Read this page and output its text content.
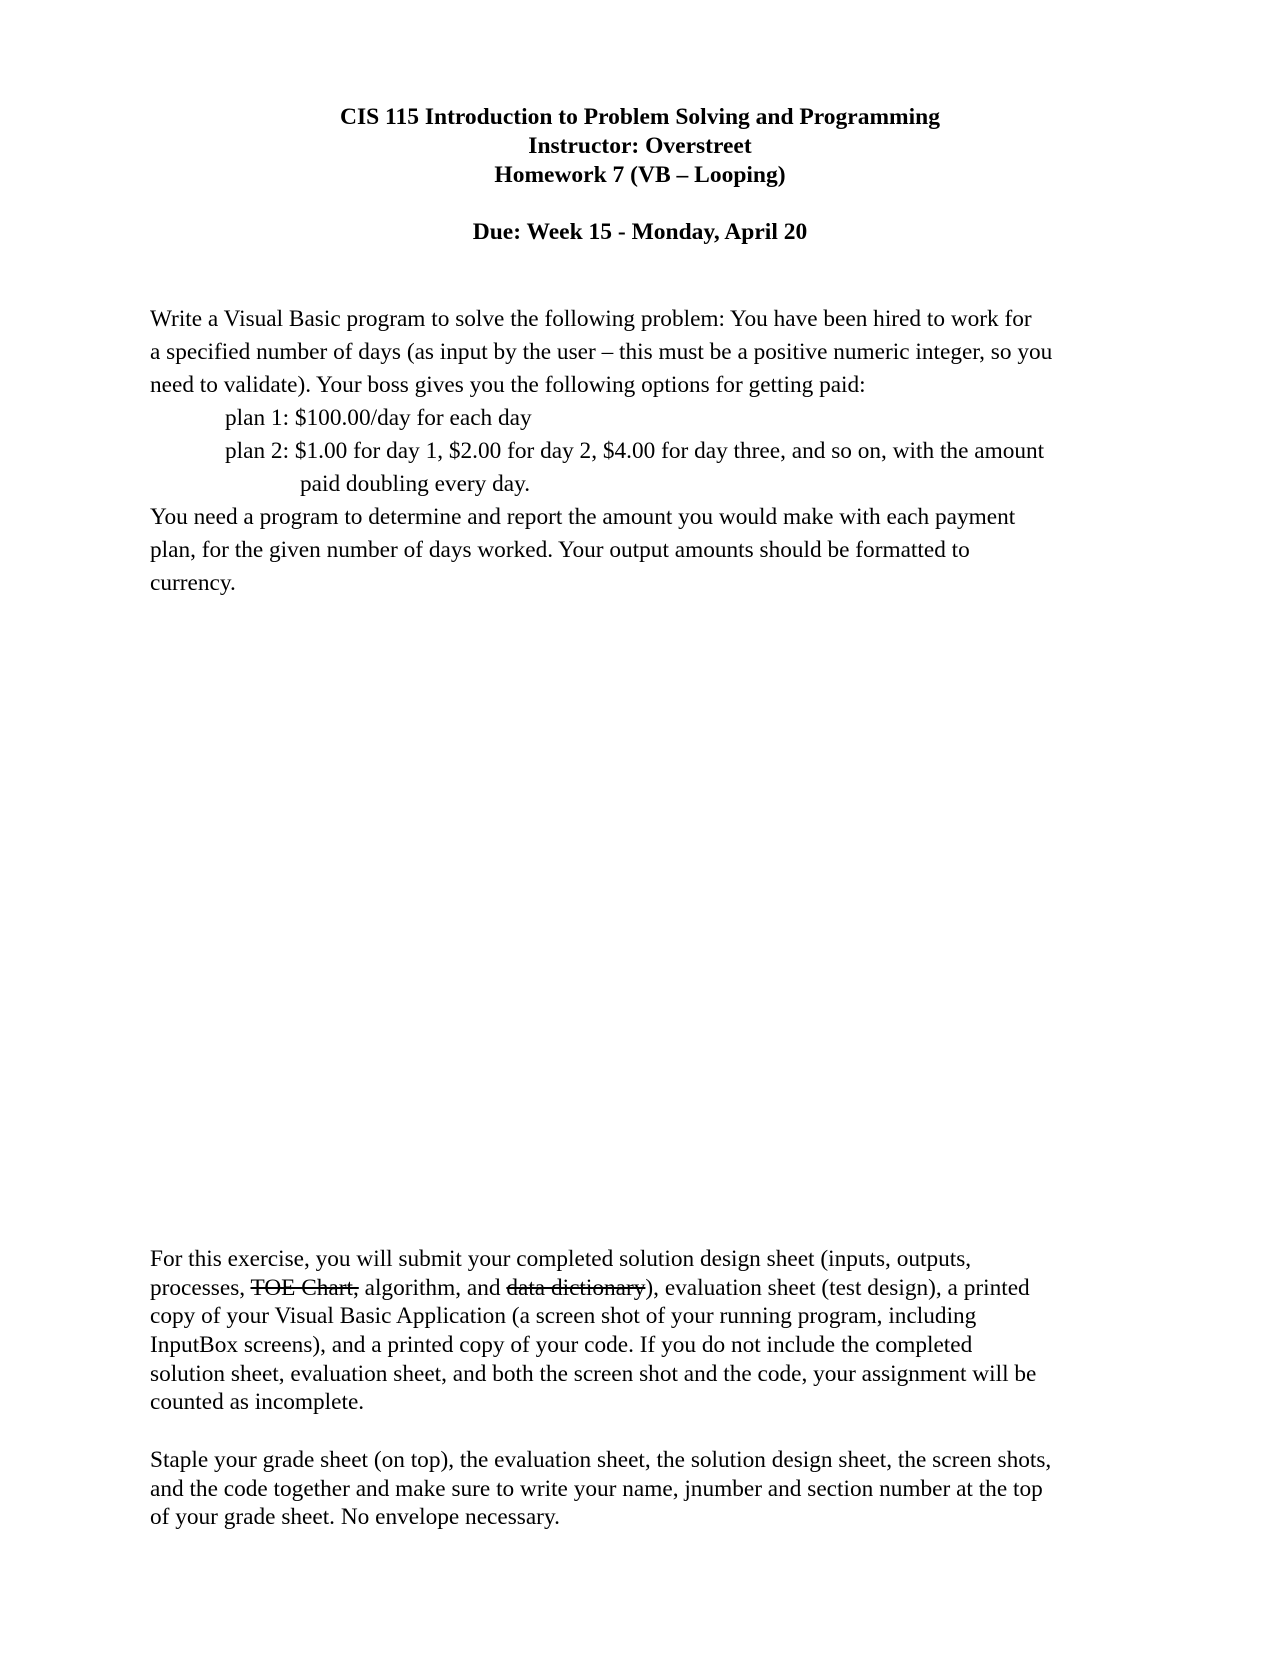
CIS 115 Introduction to Problem Solving and Programming
Instructor: Overstreet
Homework 7 (VB – Looping)
Due: Week 15 - Monday, April 20
Write a Visual Basic program to solve the following problem: You have been hired to work for
a specified number of days (as input by the user – this must be a positive numeric integer, so you
need to validate). Your boss gives you the following options for getting paid:
plan 1: $100.00/day for each day
plan 2: $1.00 for day 1, $2.00 for day 2, $4.00 for day three, and so on, with the amount
paid doubling every day.
You need a program to determine and report the amount you would make with each payment
plan, for the given number of days worked. Your output amounts should be formatted to
currency.
For this exercise, you will submit your completed solution design sheet (inputs, outputs,
processes, TOE Chart, algorithm, and data dictionary), evaluation sheet (test design), a printed
copy of your Visual Basic Application (a screen shot of your running program, including
InputBox screens), and a printed copy of your code. If you do not include the completed
solution sheet, evaluation sheet, and both the screen shot and the code, your assignment will be
counted as incomplete.
Staple your grade sheet (on top), the evaluation sheet, the solution design sheet, the screen shots,
and the code together and make sure to write your name, jnumber and section number at the top
of your grade sheet. No envelope necessary.
